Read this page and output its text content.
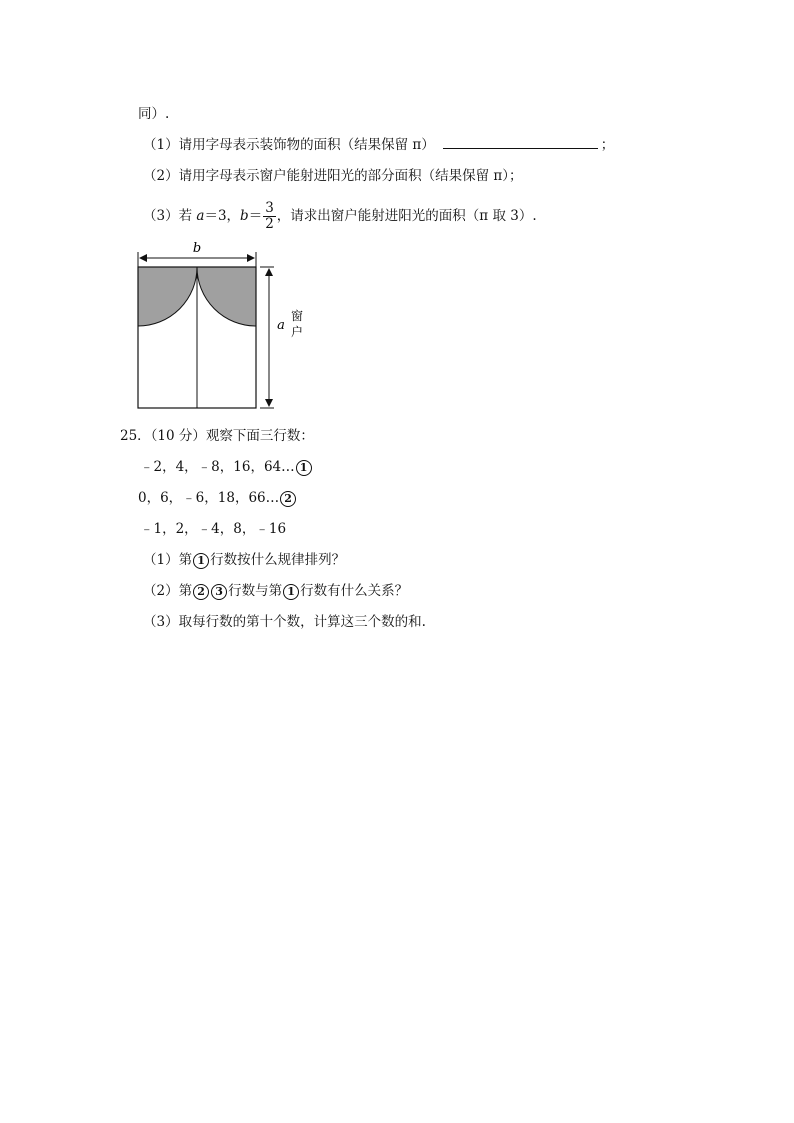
同）.
（1）请用字母表示装饰物的面积（结果保留 π）	；
（2）请用字母表示窗户能射进阳光的部分面积（结果保留 π）；
（3）若 a＝3，$b= \frac{3}{2}$ ，请求出窗户能射进阳光的面积（π 取 3）.
b
a
窗
户
25．（10 分）观察下面三行数：
﹣2，4，﹣8，16，64… 1
0，6，﹣6，18，66… 2
﹣1，2，﹣4，8，﹣16
（1）第 1 行数按什么规律排列？
（2）第 2 3 行数与第 1 行数有什么关系？
（3）取每行数的第十个数，计算这三个数的和.
